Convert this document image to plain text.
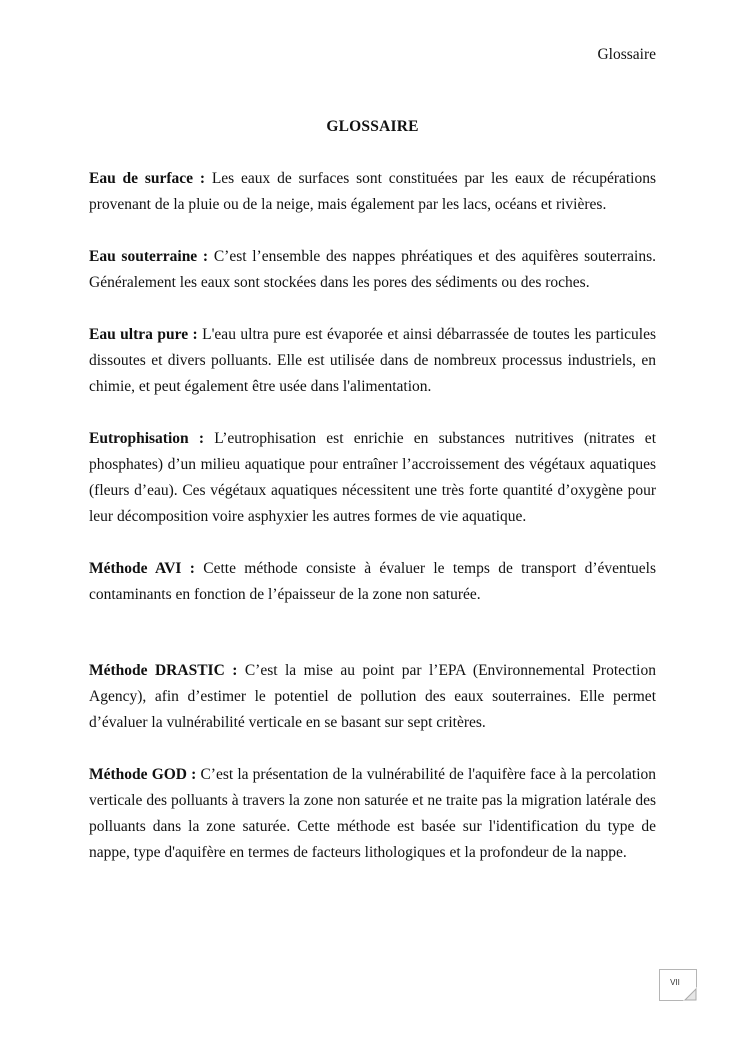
Glossaire
GLOSSAIRE

Eau de surface : Les eaux de surfaces sont constituées par les eaux de récupérations provenant de la pluie ou de la neige, mais également par les lacs, océans et rivières.

Eau souterraine : C’est l’ensemble des nappes phréatiques et des aquifères souterrains. Généralement les eaux sont stockées dans les pores des sédiments ou des roches.

Eau ultra pure : L'eau ultra pure est évaporée et ainsi débarrassée de toutes les particules dissoutes et divers polluants. Elle est utilisée dans de nombreux processus industriels, en chimie, et peut également être usée dans l'alimentation.

Eutrophisation : L’eutrophisation est enrichie en substances nutritives (nitrates et phosphates) d’un milieu aquatique pour entraîner l’accroissement des végétaux aquatiques (fleurs d’eau). Ces végétaux aquatiques nécessitent une très forte quantité d’oxygène pour leur décomposition voire asphyxier les autres formes de vie aquatique.

Méthode AVI : Cette méthode consiste à évaluer le temps de transport d’éventuels contaminants en fonction de l’épaisseur de la zone non saturée.

Méthode DRASTIC : C’est la mise au point par l’EPA (Environnemental Protection Agency), afin d’estimer le potentiel de pollution des eaux souterraines. Elle permet d’évaluer la vulnérabilité verticale en se basant sur sept critères.

Méthode GOD : C’est la présentation de la vulnérabilité de l'aquifère face à la percolation verticale des polluants à travers la zone non saturée et ne traite pas la migration latérale des polluants dans la zone saturée. Cette méthode est basée sur l'identification du type de nappe, type d'aquifère en termes de facteurs lithologiques et la profondeur de la nappe.

VII
